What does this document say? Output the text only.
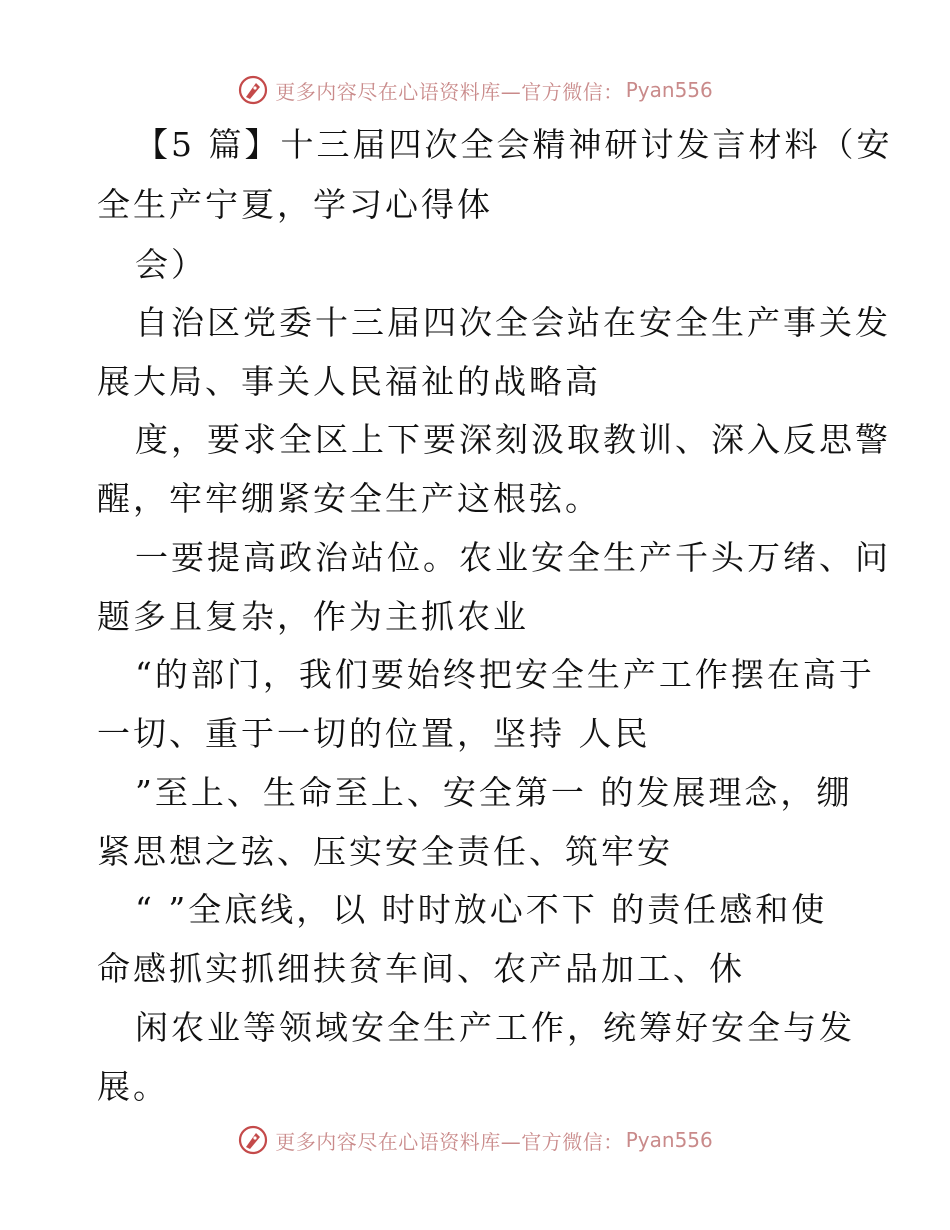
更多内容尽在心语资料库—官方微信： Pyan556
【5 篇】十三届四次全会精神研讨发言材料（安
全生产宁夏，学习心得体
会）
自治区党委十三届四次全会站在安全生产事关发
展大局、事关人民福祉的战略高
度，要求全区上下要深刻汲取教训、深入反思警
醒，牢牢绷紧安全生产这根弦。
一要提高政治站位。农业安全生产千头万绪、问
题多且复杂，作为主抓农业
“的部门，我们要始终把安全生产工作摆在高于
一切、重于一切的位置，坚持 人民
”至上、生命至上、安全第一 的发展理念，绷
紧思想之弦、压实安全责任、筑牢安
“ ”全底线，以 时时放心不下 的责任感和使
命感抓实抓细扶贫车间、农产品加工、休
闲农业等领域安全生产工作，统筹好安全与发
展。
更多内容尽在心语资料库—官方微信： Pyan556
